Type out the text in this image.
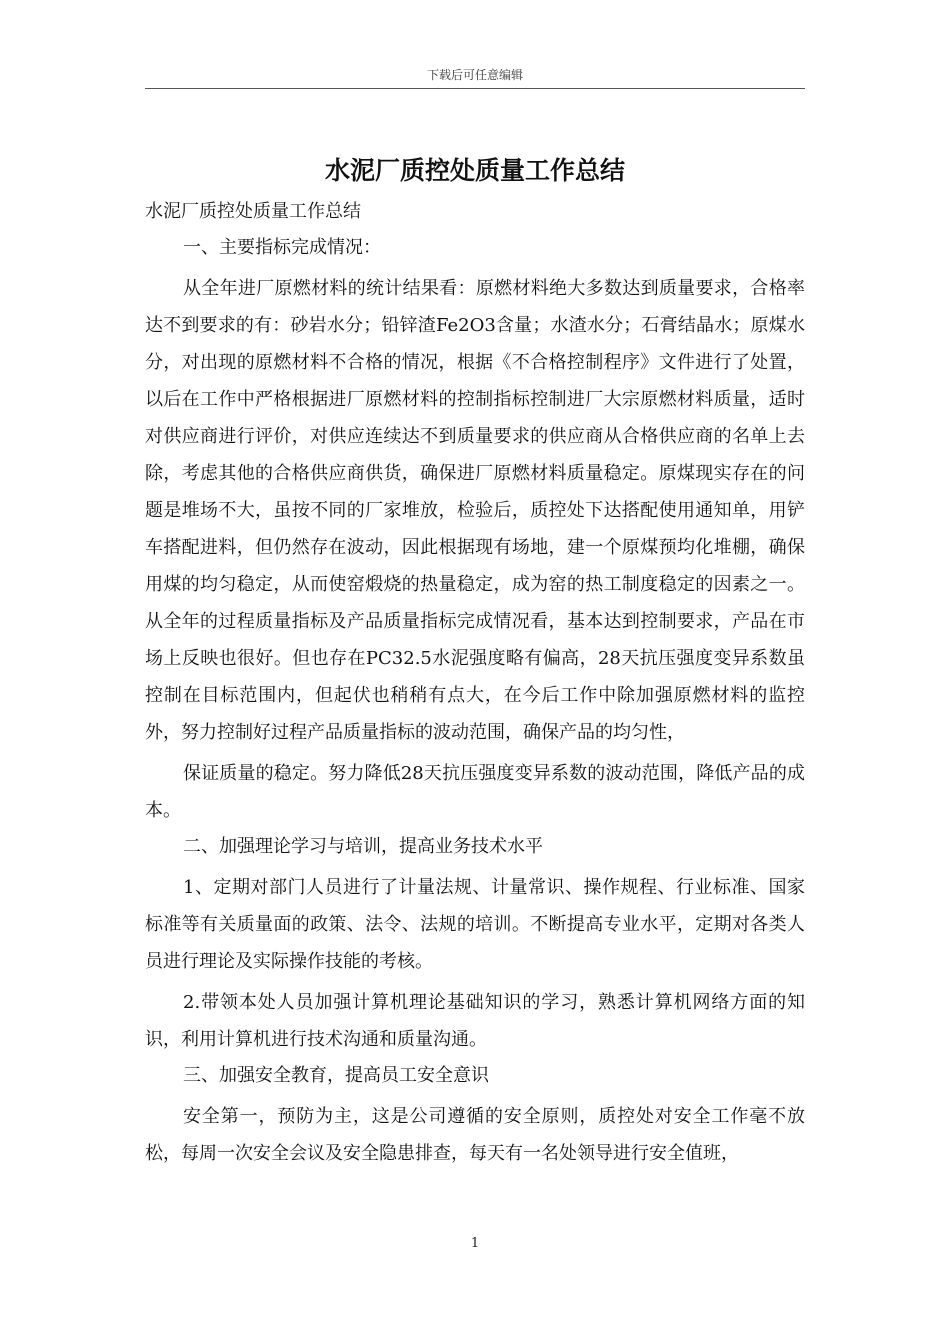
下载后可任意编辑
水泥厂质控处质量工作总结

水泥厂质控处质量工作总结

一、主要指标完成情况：

从全年进厂原燃材料的统计结果看：原燃材料绝大多数达到质量要求，合格率达不到要求的有：砂岩水分；铅锌渣Fe2O3含量；水渣水分；石膏结晶水；原煤水分，对出现的原燃材料不合格的情况，根据《不合格控制程序》文件进行了处置，以后在工作中严格根据进厂原燃材料的控制指标控制进厂大宗原燃材料质量，适时对供应商进行评价，对供应连续达不到质量要求的供应商从合格供应商的名单上去除，考虑其他的合格供应商供货，确保进厂原燃材料质量稳定。原煤现实存在的问题是堆场不大，虽按不同的厂家堆放，检验后，质控处下达搭配使用通知单，用铲车搭配进料，但仍然存在波动，因此根据现有场地，建一个原煤预均化堆棚，确保用煤的均匀稳定，从而使窑煅烧的热量稳定，成为窑的热工制度稳定的因素之一。从全年的过程质量指标及产品质量指标完成情况看，基本达到控制要求，产品在市场上反映也很好。但也存在PC32.5水泥强度略有偏高，28天抗压强度变异系数虽控制在目标范围内，但起伏也稍稍有点大，在今后工作中除加强原燃材料的监控外，努力控制好过程产品质量指标的波动范围，确保产品的均匀性，

保证质量的稳定。努力降低28天抗压强度变异系数的波动范围，降低产品的成本。

二、加强理论学习与培训，提高业务技术水平

1、定期对部门人员进行了计量法规、计量常识、操作规程、行业标准、国家标准等有关质量面的政策、法令、法规的培训。不断提高专业水平，定期对各类人员进行理论及实际操作技能的考核。

2.带领本处人员加强计算机理论基础知识的学习，熟悉计算机网络方面的知识，利用计算机进行技术沟通和质量沟通。

三、加强安全教育，提高员工安全意识

安全第一，预防为主，这是公司遵循的安全原则，质控处对安全工作毫不放松，每周一次安全会议及安全隐患排查，每天有一名处领导进行安全值班，

1
